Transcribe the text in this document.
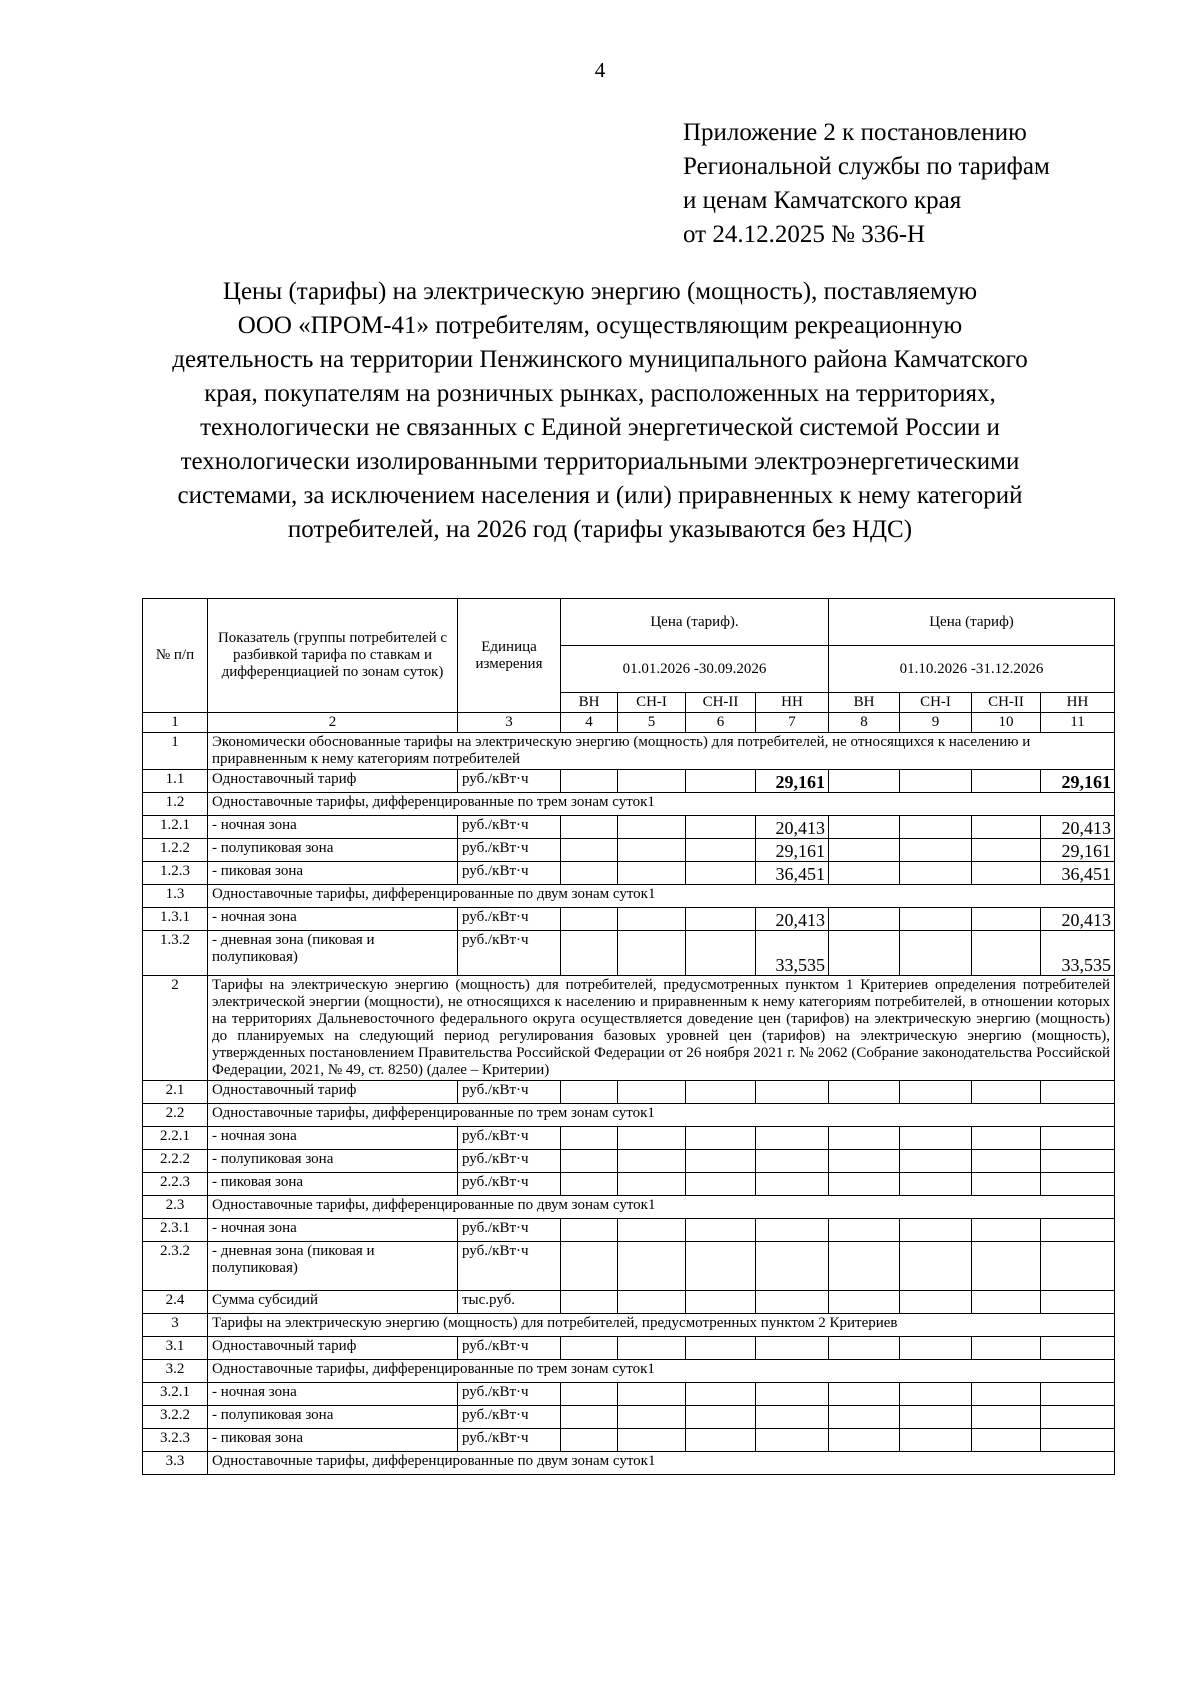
4
Приложение 2 к постановлению
Региональной службы по тарифам
и ценам Камчатского края
от 24.12.2025 № 336-Н
Цены (тарифы) на электрическую энергию (мощность), поставляемую
ООО «ПРОМ-41» потребителям, осуществляющим рекреационную
деятельность на территории Пенжинского муниципального района Камчатского
края, покупателям на розничных рынках, расположенных на территориях,
технологически не связанных с Единой энергетической системой России и
технологически изолированными территориальными электроэнергетическими
системами, за исключением населения и (или) приравненных к нему категорий
потребителей, на 2026 год (тарифы указываются без НДС)
№ п/п	Показатель (группы потребителей с разбивкой тарифа по ставкам и дифференциацией по зонам суток)	Единица измерения	Цена (тариф).				Цена (тариф)			
			01.01.2026 -30.09.2026				01.10.2026 -31.12.2026			
			ВН	СН-I	СН-II	НН	ВН	СН-I	СН-II	НН
1	2	3	4	5	6	7	8	9	10	11
1	Экономически обоснованные тарифы на электрическую энергию (мощность) для потребителей, не относящихся к населению и приравненным к нему категориям потребителей									
1.1	Одноставочный тариф	руб./кВт·ч				29,161				29,161
1.2	Одноставочные тарифы, дифференцированные по трем зонам суток1									
1.2.1	- ночная зона	руб./кВт·ч				20,413				20,413
1.2.2	- полупиковая зона	руб./кВт·ч				29,161				29,161
1.2.3	- пиковая зона	руб./кВт·ч				36,451				36,451
1.3	Одноставочные тарифы, дифференцированные по двум зонам суток1									
1.3.1	- ночная зона	руб./кВт·ч				20,413				20,413
1.3.2	- дневная зона (пиковая и полупиковая)	руб./кВт·ч				33,535				33,535
2	Тарифы на электрическую энергию (мощность) для потребителей, предусмотренных пунктом 1 Критериев определения потребителей электрической энергии (мощности), не относящихся к населению и приравненным к нему категориям потребителей, в отношении которых на территориях Дальневосточного федерального округа осуществляется доведение цен (тарифов) на электрическую энергию (мощность) до планируемых на следующий период регулирования базовых уровней цен (тарифов) на электрическую энергию (мощность), утвержденных постановлением Правительства Российской Федерации от 26 ноября 2021 г. № 2062 (Собрание законодательства Российской Федерации, 2021, № 49, ст. 8250) (далее – Критерии)									
2.1	Одноставочный тариф	руб./кВт·ч								
2.2	Одноставочные тарифы, дифференцированные по трем зонам суток1									
2.2.1	- ночная зона	руб./кВт·ч								
2.2.2	- полупиковая зона	руб./кВт·ч								
2.2.3	- пиковая зона	руб./кВт·ч								
2.3	Одноставочные тарифы, дифференцированные по двум зонам суток1									
2.3.1	- ночная зона	руб./кВт·ч								
2.3.2	- дневная зона (пиковая и полупиковая)	руб./кВт·ч								
2.4	Сумма субсидий	тыс.руб.								
3	Тарифы на электрическую энергию (мощность) для потребителей, предусмотренных пунктом 2 Критериев									
3.1	Одноставочный тариф	руб./кВт·ч								
3.2	Одноставочные тарифы, дифференцированные по трем зонам суток1									
3.2.1	- ночная зона	руб./кВт·ч								
3.2.2	- полупиковая зона	руб./кВт·ч								
3.2.3	- пиковая зона	руб./кВт·ч								
3.3	Одноставочные тарифы, дифференцированные по двум зонам суток1									
